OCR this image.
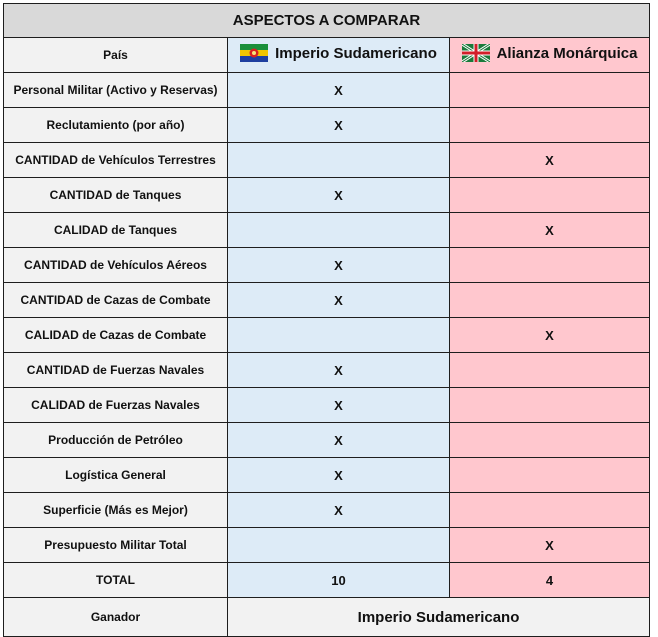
ASPECTOS A COMPARAR		
País	Imperio Sudamericano	Alianza Monárquica

Personal Militar (Activo y Reservas)	X	
Reclutamiento (por año)	X	
CANTIDAD de Vehículos Terrestres		X
CANTIDAD de Tanques	X	
CALIDAD de Tanques		X
CANTIDAD de Vehículos Aéreos	X	
CANTIDAD de Cazas de Combate	X	
CALIDAD de Cazas de Combate		X
CANTIDAD de Fuerzas Navales	X	
CALIDAD de Fuerzas Navales	X	
Producción de Petróleo	X	
Logística General	X	
Superficie (Más es Mejor)	X	
Presupuesto Militar Total		X
TOTAL	10	4
Ganador	Imperio Sudamericano	
